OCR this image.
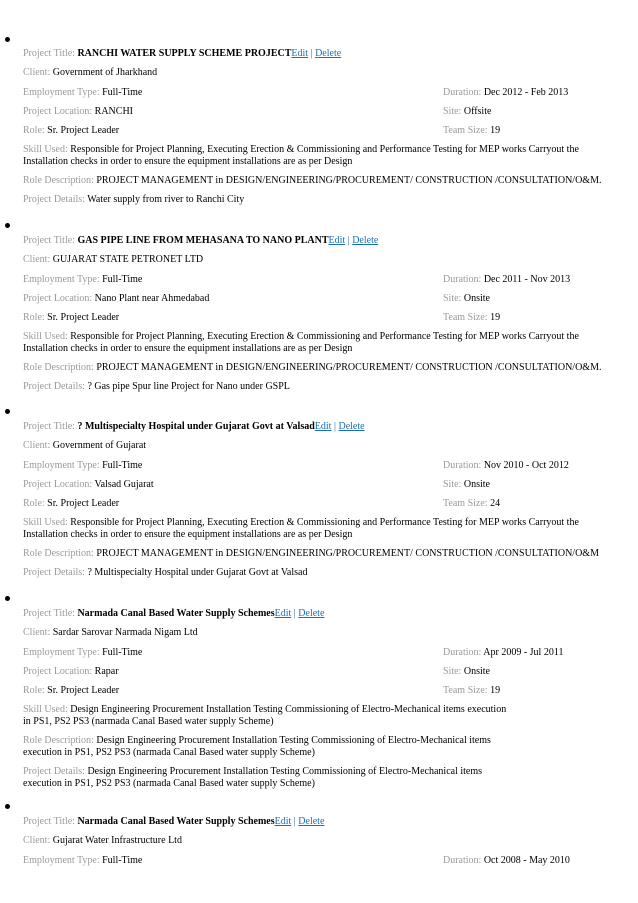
Project Title: RANCHI WATER SUPPLY SCHEME PROJECTEdit | Delete
Client: Government of Jharkhand
Employment Type: Full-Time	Duration: Dec 2012 - Feb 2013
Project Location: RANCHI	Site: Offsite
Role: Sr. Project Leader	Team Size: 19
Skill Used: Responsible for Project Planning, Executing Erection & Commissioning and Performance Testing for MEP works Carryout the Installation checks in order to ensure the equipment installations are as per Design
Role Description: PROJECT MANAGEMENT in DESIGN/ENGINEERING/PROCUREMENT/ CONSTRUCTION /CONSULTATION/O&M.
Project Details: Water supply from river to Ranchi City
Project Title: GAS PIPE LINE FROM MEHASANA TO NANO PLANTEdit | Delete
Client: GUJARAT STATE PETRONET LTD
Employment Type: Full-Time	Duration: Dec 2011 - Nov 2013
Project Location: Nano Plant near Ahmedabad	Site: Onsite
Role: Sr. Project Leader	Team Size: 19
Skill Used: Responsible for Project Planning, Executing Erection & Commissioning and Performance Testing for MEP works Carryout the Installation checks in order to ensure the equipment installations are as per Design
Role Description: PROJECT MANAGEMENT in DESIGN/ENGINEERING/PROCUREMENT/ CONSTRUCTION /CONSULTATION/O&M.
Project Details: ? Gas pipe Spur line Project for Nano under GSPL
Project Title: ? Multispecialty Hospital under Gujarat Govt at ValsadEdit | Delete
Client: Government of Gujarat
Employment Type: Full-Time	Duration: Nov 2010 - Oct 2012
Project Location: Valsad Gujarat	Site: Onsite
Role: Sr. Project Leader	Team Size: 24
Skill Used: Responsible for Project Planning, Executing Erection & Commissioning and Performance Testing for MEP works Carryout the Installation checks in order to ensure the equipment installations are as per Design
Role Description: PROJECT MANAGEMENT in DESIGN/ENGINEERING/PROCUREMENT/ CONSTRUCTION /CONSULTATION/O&M
Project Details: ? Multispecialty Hospital under Gujarat Govt at Valsad
Project Title: Narmada Canal Based Water Supply SchemesEdit | Delete
Client: Sardar Sarovar Narmada Nigam Ltd
Employment Type: Full-Time	Duration: Apr 2009 - Jul 2011
Project Location: Rapar	Site: Onsite
Role: Sr. Project Leader	Team Size: 19
Skill Used: Design Engineering Procurement Installation Testing Commissioning of Electro-Mechanical items execution in PS1, PS2 PS3 (narmada Canal Based water supply Scheme)
Role Description: Design Engineering Procurement Installation Testing Commissioning of Electro-Mechanical items execution in PS1, PS2 PS3 (narmada Canal Based water supply Scheme)
Project Details: Design Engineering Procurement Installation Testing Commissioning of Electro-Mechanical items execution in PS1, PS2 PS3 (narmada Canal Based water supply Scheme)
Project Title: Narmada Canal Based Water Supply SchemesEdit | Delete
Client: Gujarat Water Infrastructure Ltd
Employment Type: Full-Time	Duration: Oct 2008 - May 2010
